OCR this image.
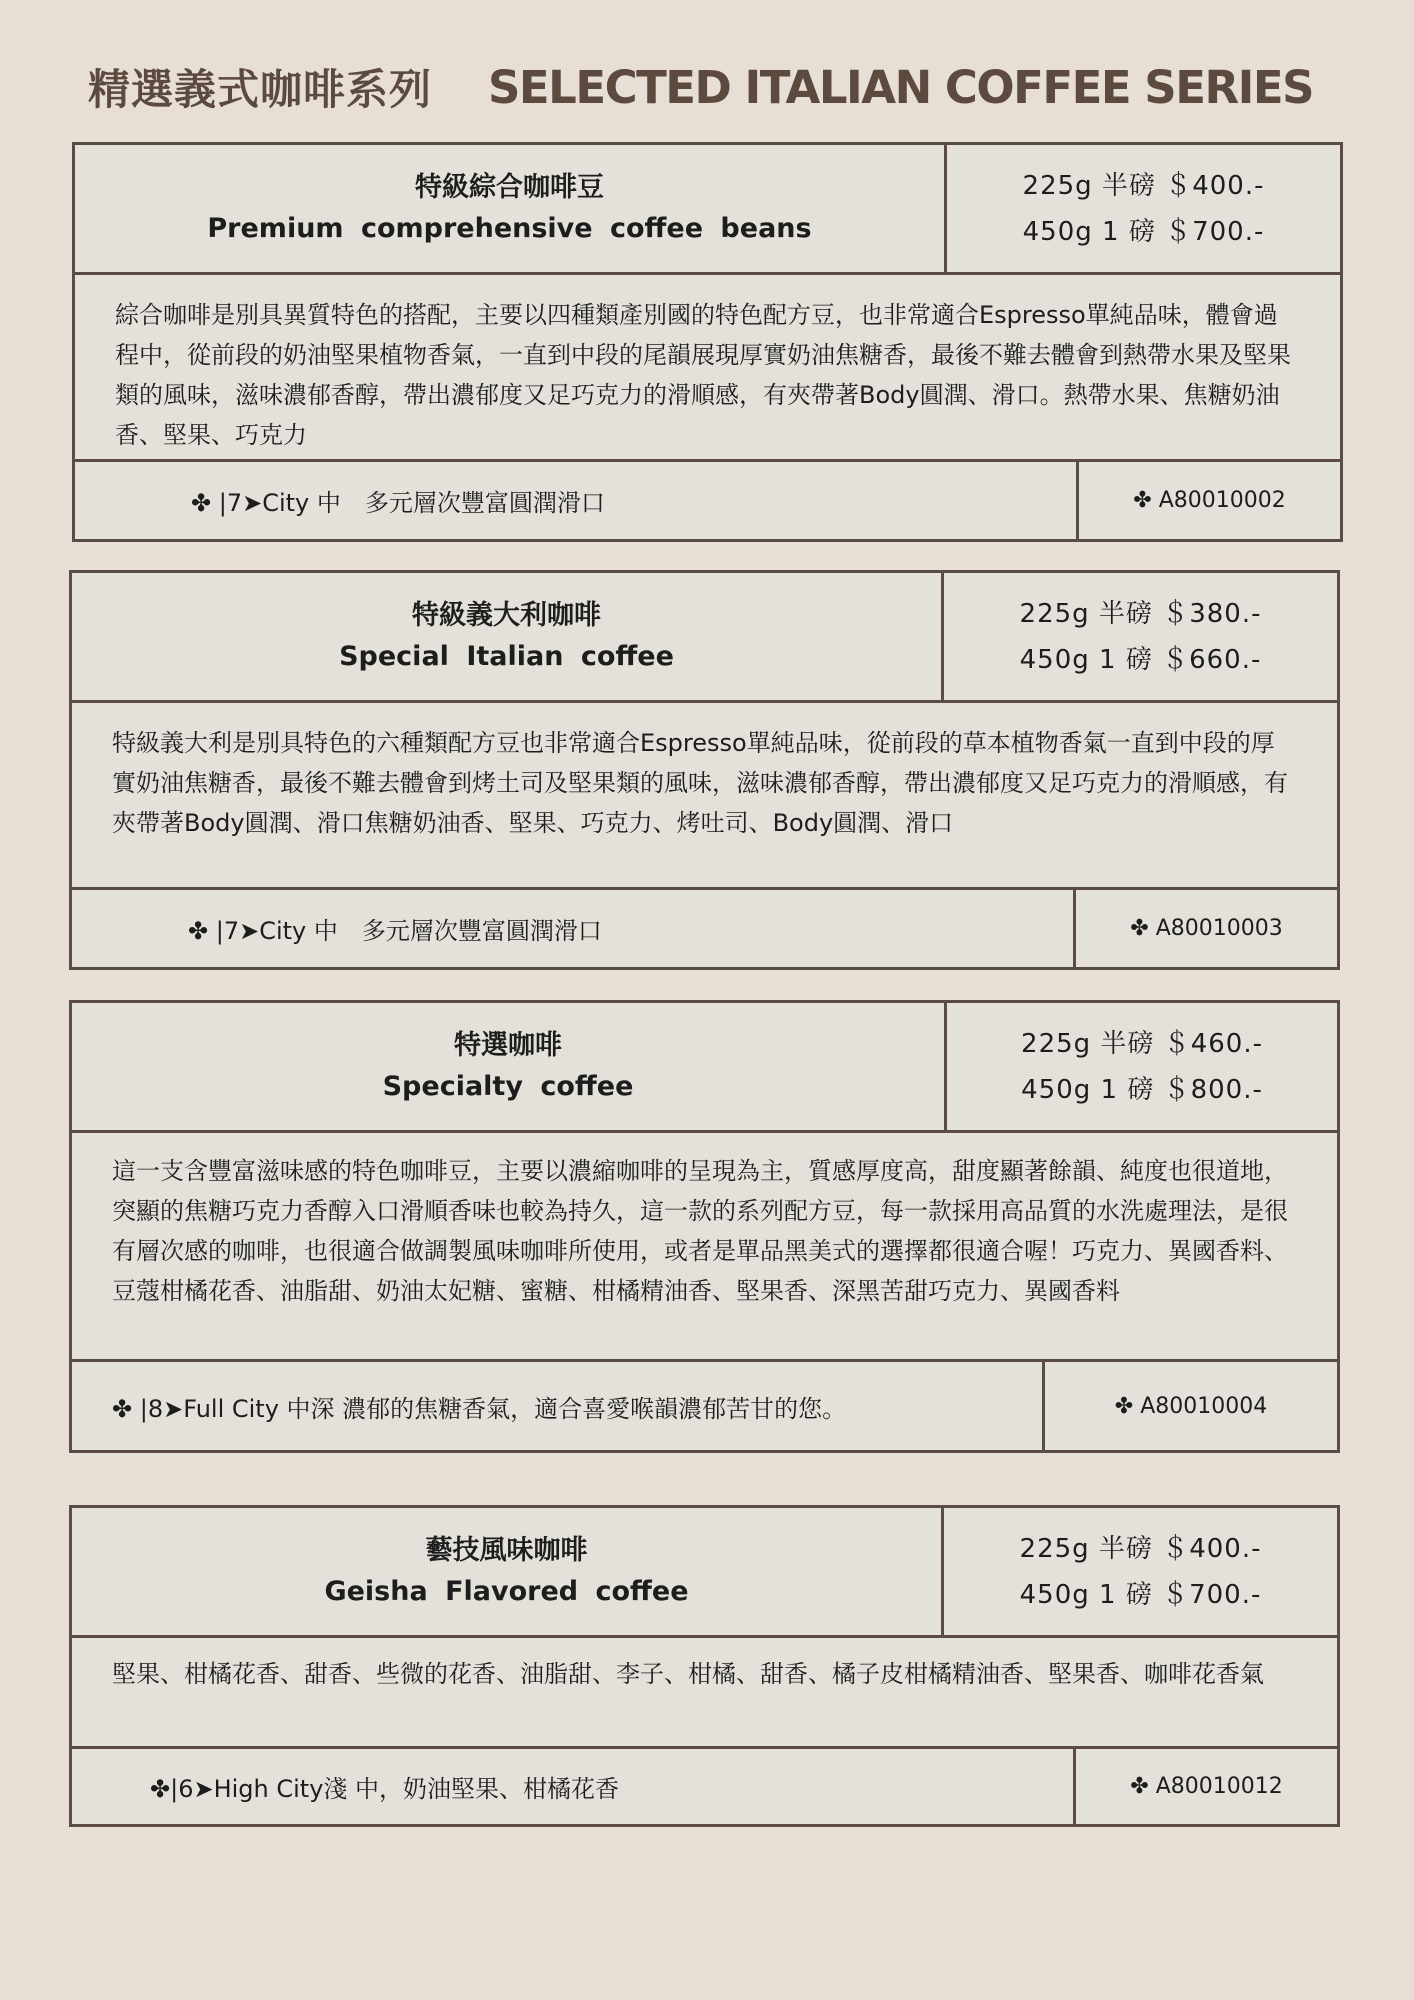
精選義式咖啡系列 SELECTED ITALIAN COFFEE SERIES
特級綜合咖啡豆
Premium comprehensive coffee beans
225g 半磅 ＄400.-
450g 1 磅 ＄700.-
綜合咖啡是別具異質特色的搭配，主要以四種類產別國的特色配方豆，也非常適合Espresso單純品味，體會過程中，從前段的奶油堅果植物香氣，一直到中段的尾韻展現厚實奶油焦糖香，最後不難去體會到熱帶水果及堅果類的風味，滋味濃郁香醇，帶出濃郁度又足巧克力的滑順感，有夾帶著Body圓潤、滑口。熱帶水果、焦糖奶油香、堅果、巧克力
✤ |7➤City 中　多元層次豐富圓潤滑口	✤ A80010002
特級義大利咖啡
Special Italian coffee
225g 半磅 ＄380.-
450g 1 磅 ＄660.-
特級義大利是別具特色的六種類配方豆也非常適合Espresso單純品味，從前段的草本植物香氣一直到中段的厚實奶油焦糖香，最後不難去體會到烤土司及堅果類的風味，滋味濃郁香醇，帶出濃郁度又足巧克力的滑順感，有夾帶著Body圓潤、滑口焦糖奶油香、堅果、巧克力、烤吐司、Body圓潤、滑口
✤ |7➤City 中　多元層次豐富圓潤滑口	✤ A80010003
特選咖啡
Specialty coffee
225g 半磅 ＄460.-
450g 1 磅 ＄800.-
這一支含豐富滋味感的特色咖啡豆，主要以濃縮咖啡的呈現為主，質感厚度高，甜度顯著餘韻、純度也很道地，突顯的焦糖巧克力香醇入口滑順香味也較為持久，這一款的系列配方豆，每一款採用高品質的水洗處理法，是很有層次感的咖啡，也很適合做調製風味咖啡所使用，或者是單品黑美式的選擇都很適合喔！巧克力、異國香料、豆蔻柑橘花香、油脂甜、奶油太妃糖、蜜糖、柑橘精油香、堅果香、深黑苦甜巧克力、異國香料
✤ |8➤Full City 中深 濃郁的焦糖香氣，適合喜愛喉韻濃郁苦甘的您。	✤ A80010004
藝技風味咖啡
Geisha Flavored coffee
225g 半磅 ＄400.-
450g 1 磅 ＄700.-
堅果、柑橘花香、甜香、些微的花香、油脂甜、李子、柑橘、甜香、橘子皮柑橘精油香、堅果香、咖啡花香氣
✤|6➤High City淺 中，奶油堅果、柑橘花香	✤ A80010012
